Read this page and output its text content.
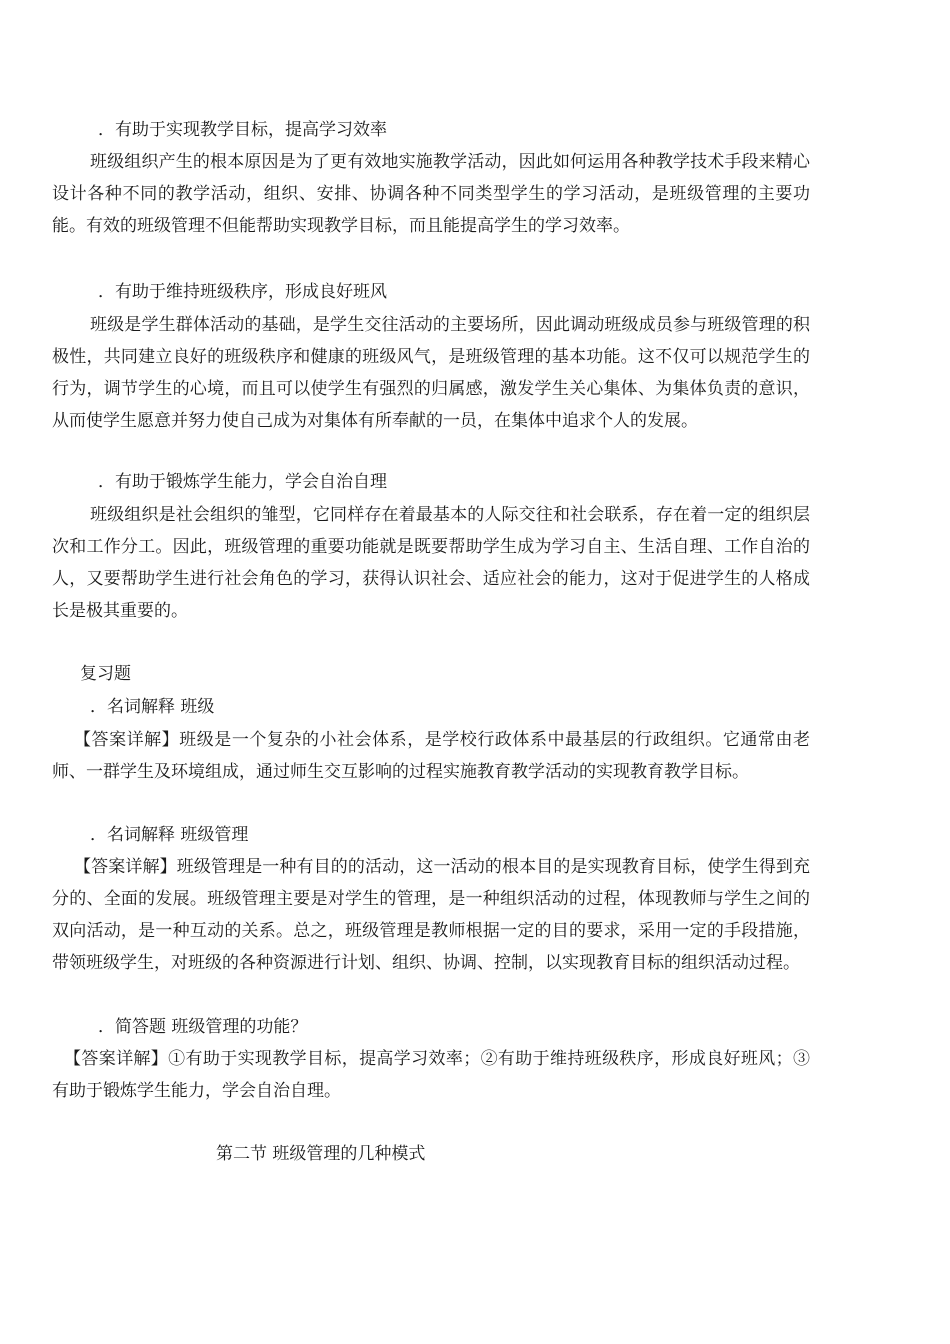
．有助于实现教学目标，提高学习效率

班级组织产生的根本原因是为了更有效地实施教学活动，因此如何运用各种教学技术手段来精心设计各种不同的教学活动，组织、安排、协调各种不同类型学生的学习活动，是班级管理的主要功能。有效的班级管理不但能帮助实现教学目标，而且能提高学生的学习效率。

．有助于维持班级秩序，形成良好班风

班级是学生群体活动的基础，是学生交往活动的主要场所，因此调动班级成员参与班级管理的积极性，共同建立良好的班级秩序和健康的班级风气，是班级管理的基本功能。这不仅可以规范学生的行为，调节学生的心境，而且可以使学生有强烈的归属感，激发学生关心集体、为集体负责的意识，从而使学生愿意并努力使自己成为对集体有所奉献的一员，在集体中追求个人的发展。

．有助于锻炼学生能力，学会自治自理

班级组织是社会组织的雏型，它同样存在着最基本的人际交往和社会联系，存在着一定的组织层次和工作分工。因此，班级管理的重要功能就是既要帮助学生成为学习自主、生活自理、工作自治的人，又要帮助学生进行社会角色的学习，获得认识社会、适应社会的能力，这对于促进学生的人格成长是极其重要的。

复习题

．名词解释 班级

【答案详解】班级是一个复杂的小社会体系，是学校行政体系中最基层的行政组织。它通常由老师、一群学生及环境组成，通过师生交互影响的过程实施教育教学活动的实现教育教学目标。

．名词解释 班级管理

【答案详解】班级管理是一种有目的的活动，这一活动的根本目的是实现教育目标，使学生得到充分的、全面的发展。班级管理主要是对学生的管理，是一种组织活动的过程，体现教师与学生之间的双向活动，是一种互动的关系。总之，班级管理是教师根据一定的目的要求，采用一定的手段措施，带领班级学生，对班级的各种资源进行计划、组织、协调、控制，以实现教育目标的组织活动过程。

．简答题 班级管理的功能？

【答案详解】①有助于实现教学目标，提高学习效率；②有助于维持班级秩序，形成良好班风；③有助于锻炼学生能力，学会自治自理。

第二节 班级管理的几种模式
